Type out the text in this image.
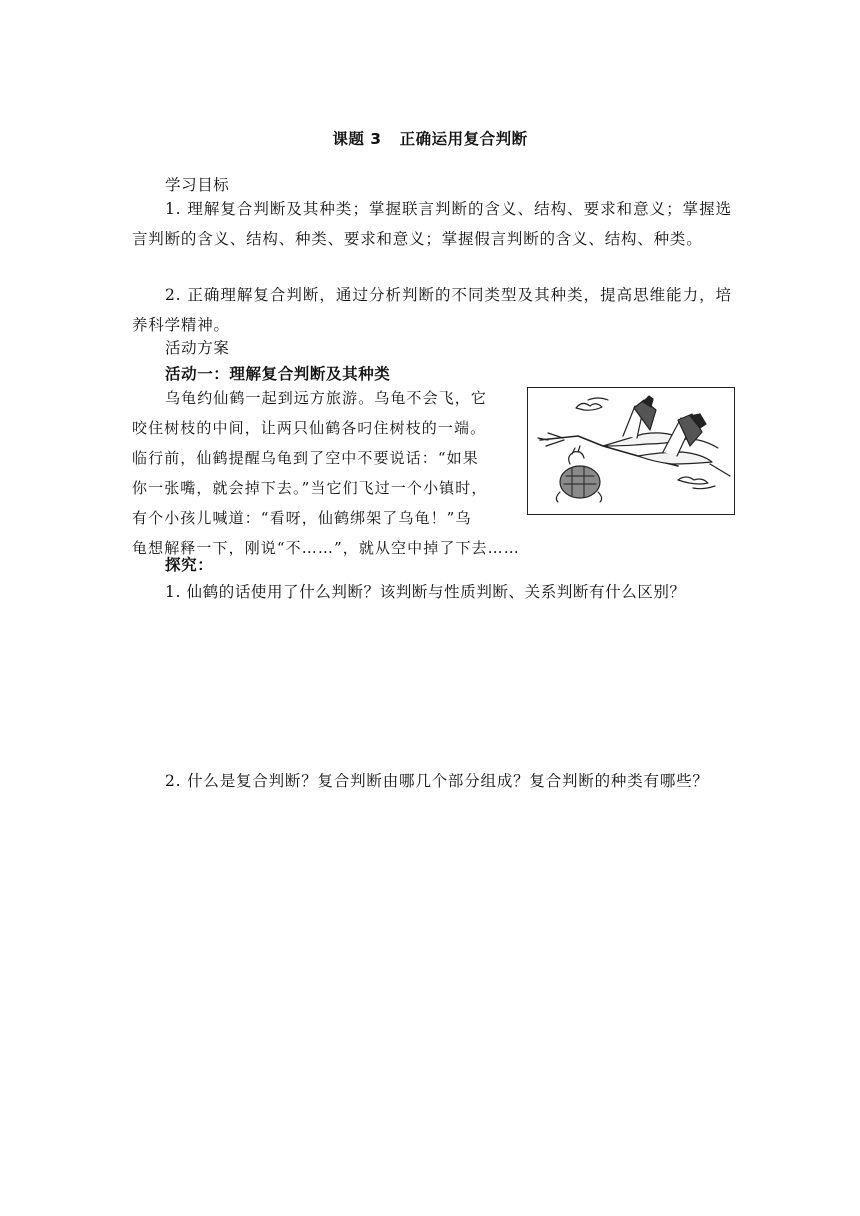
课题 3 正确运用复合判断
学习目标
1. 理解复合判断及其种类；掌握联言判断的含义、结构、要求和意义；掌握选言判断的含义、结构、种类、要求和意义；掌握假言判断的含义、结构、种类。
2. 正确理解复合判断，通过分析判断的不同类型及其种类，提高思维能力，培养科学精神。
活动方案
活动一：理解复合判断及其种类
乌龟约仙鹤一起到远方旅游。乌龟不会飞，它
咬住树枝的中间，让两只仙鹤各叼住树枝的一端。
临行前，仙鹤提醒乌龟到了空中不要说话：“如果
你一张嘴，就会掉下去。”当它们飞过一个小镇时，
有个小孩儿喊道：“看呀，仙鹤绑架了乌龟！”乌
龟想解释一下，刚说“不……”，就从空中掉了下去……
探究：
1. 仙鹤的话使用了什么判断？该判断与性质判断、关系判断有什么区别？
2. 什么是复合判断？复合判断由哪几个部分组成？复合判断的种类有哪些？
